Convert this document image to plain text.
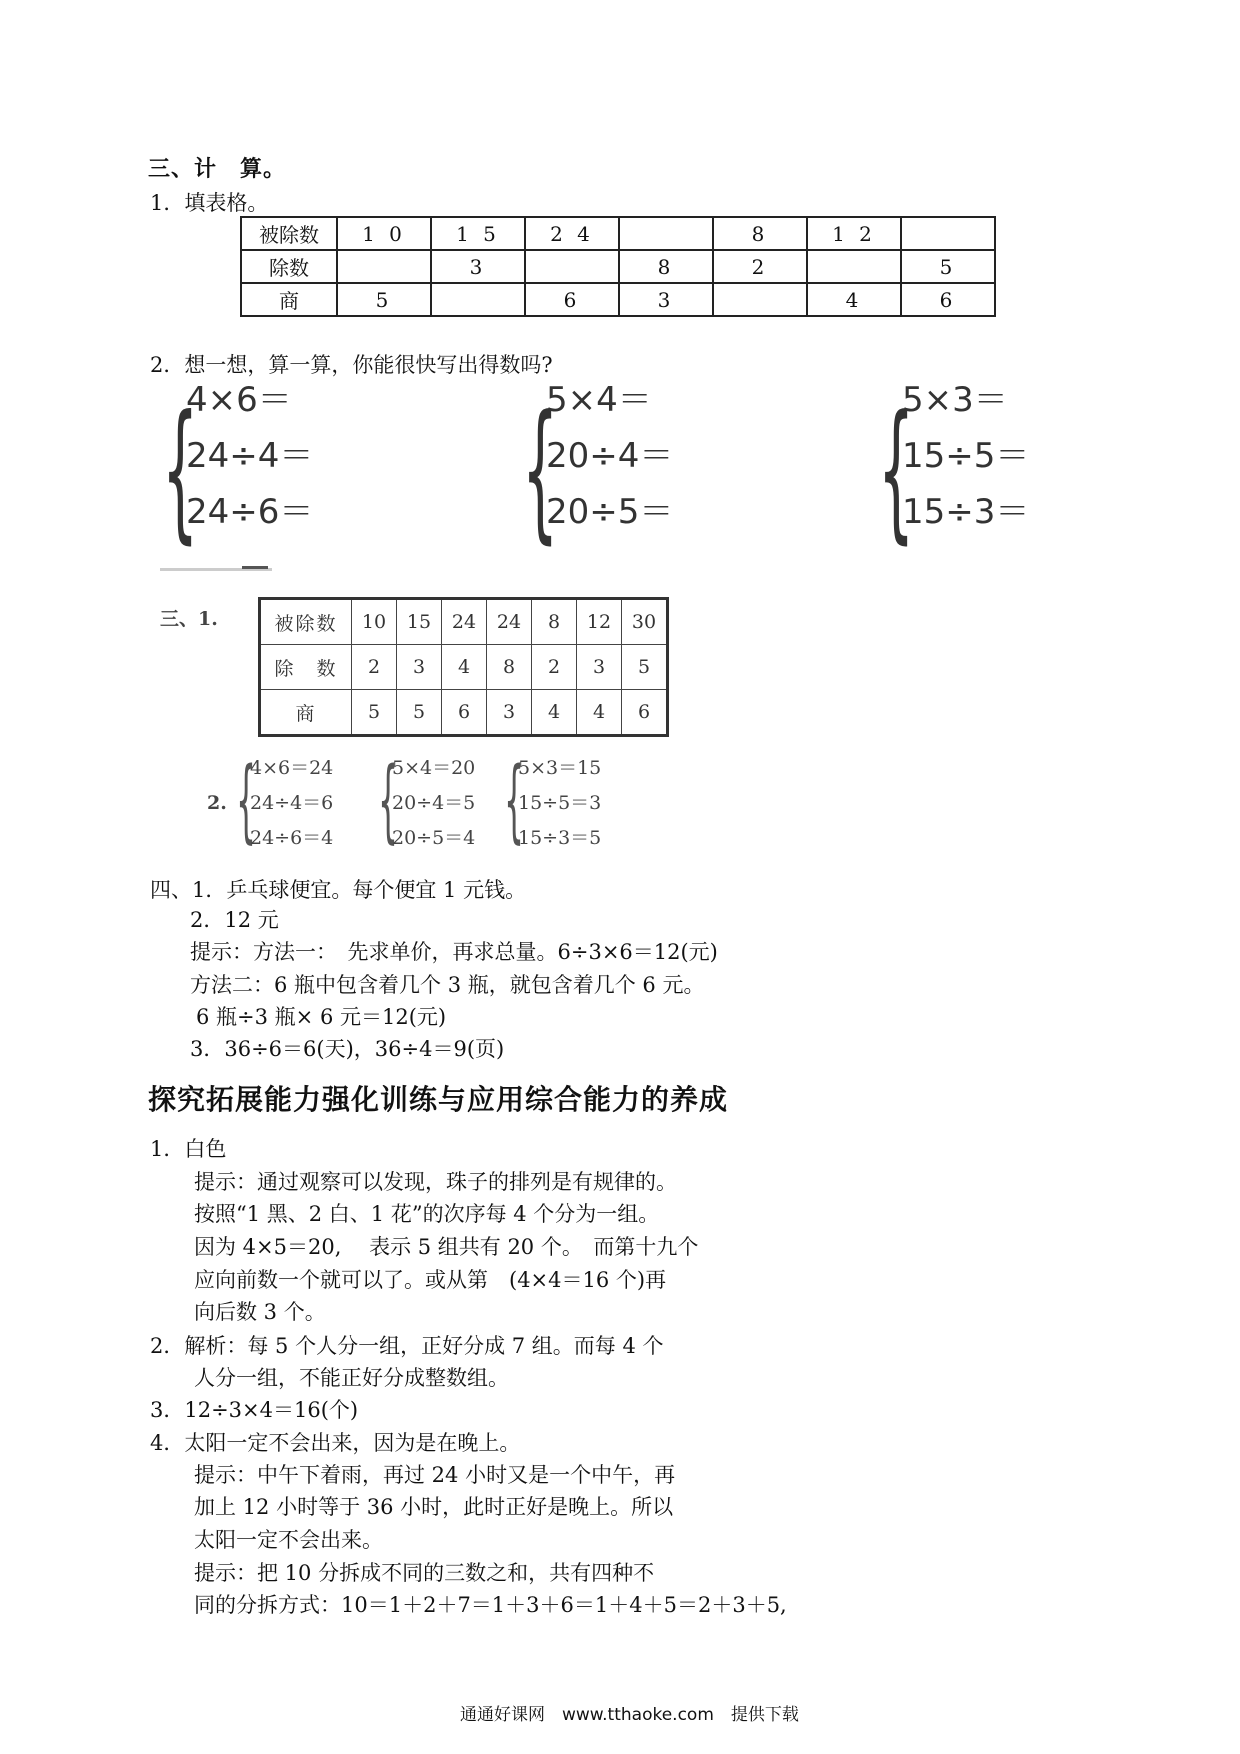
三、计　算。
1．填表格。
被除数	1 0	1 5	2 4		8	1 2	
除数		3		8	2		5
商	5		6	3		4	6
2．想一想，算一算，你能很快写出得数吗?
{
4×6＝
24÷4＝
24÷6＝ {
5×4＝
20÷4＝
20÷5＝ {
5×3＝
15÷5＝
15÷3＝
三、1.	被除数	10	15	24	24	8	12	30
除　数	2	3	4	8	2	3	5
商	5	5	6	3	4	4	6
2. {
4×6＝24
24÷4＝6
24÷6＝4 {
5×4＝20
20÷4＝5
20÷5＝4 {
5×3＝15
15÷5＝3
15÷3＝5
四、1．乒乓球便宜。每个便宜 1 元钱。
2．12 元
提示：方法一：　先求单价，再求总量。6÷3×6＝12(元)
方法二：6 瓶中包含着几个 3 瓶，就包含着几个 6 元。
6 瓶÷3 瓶× 6 元＝12(元)
3．36÷6＝6(天)，36÷4＝9(页)
探究拓展能力强化训练与应用综合能力的养成
1．白色
提示：通过观察可以发现，珠子的排列是有规律的。
按照“1 黑、2 白、1 花”的次序每 4 个分为一组。
因为 4×5＝20,　 表示 5 组共有 20 个。　而第十九个
应向前数一个就可以了。或从第　(4×4＝16 个)再
向后数 3 个。
2．解析：每 5 个人分一组，正好分成 7 组。而每 4 个
人分一组，不能正好分成整数组。
3．12÷3×4＝16(个)
4．太阳一定不会出来，因为是在晚上。
提示：中午下着雨，再过 24 小时又是一个中午，再
加上 12 小时等于 36 小时，此时正好是晚上。所以
太阳一定不会出来。
提示：把 10 分拆成不同的三数之和，共有四种不
同的分拆方式：10＝1＋2＋7＝1＋3＋6＝1＋4＋5＝2＋3＋5,
通通好课网　www.tthaoke.com　提供下载
